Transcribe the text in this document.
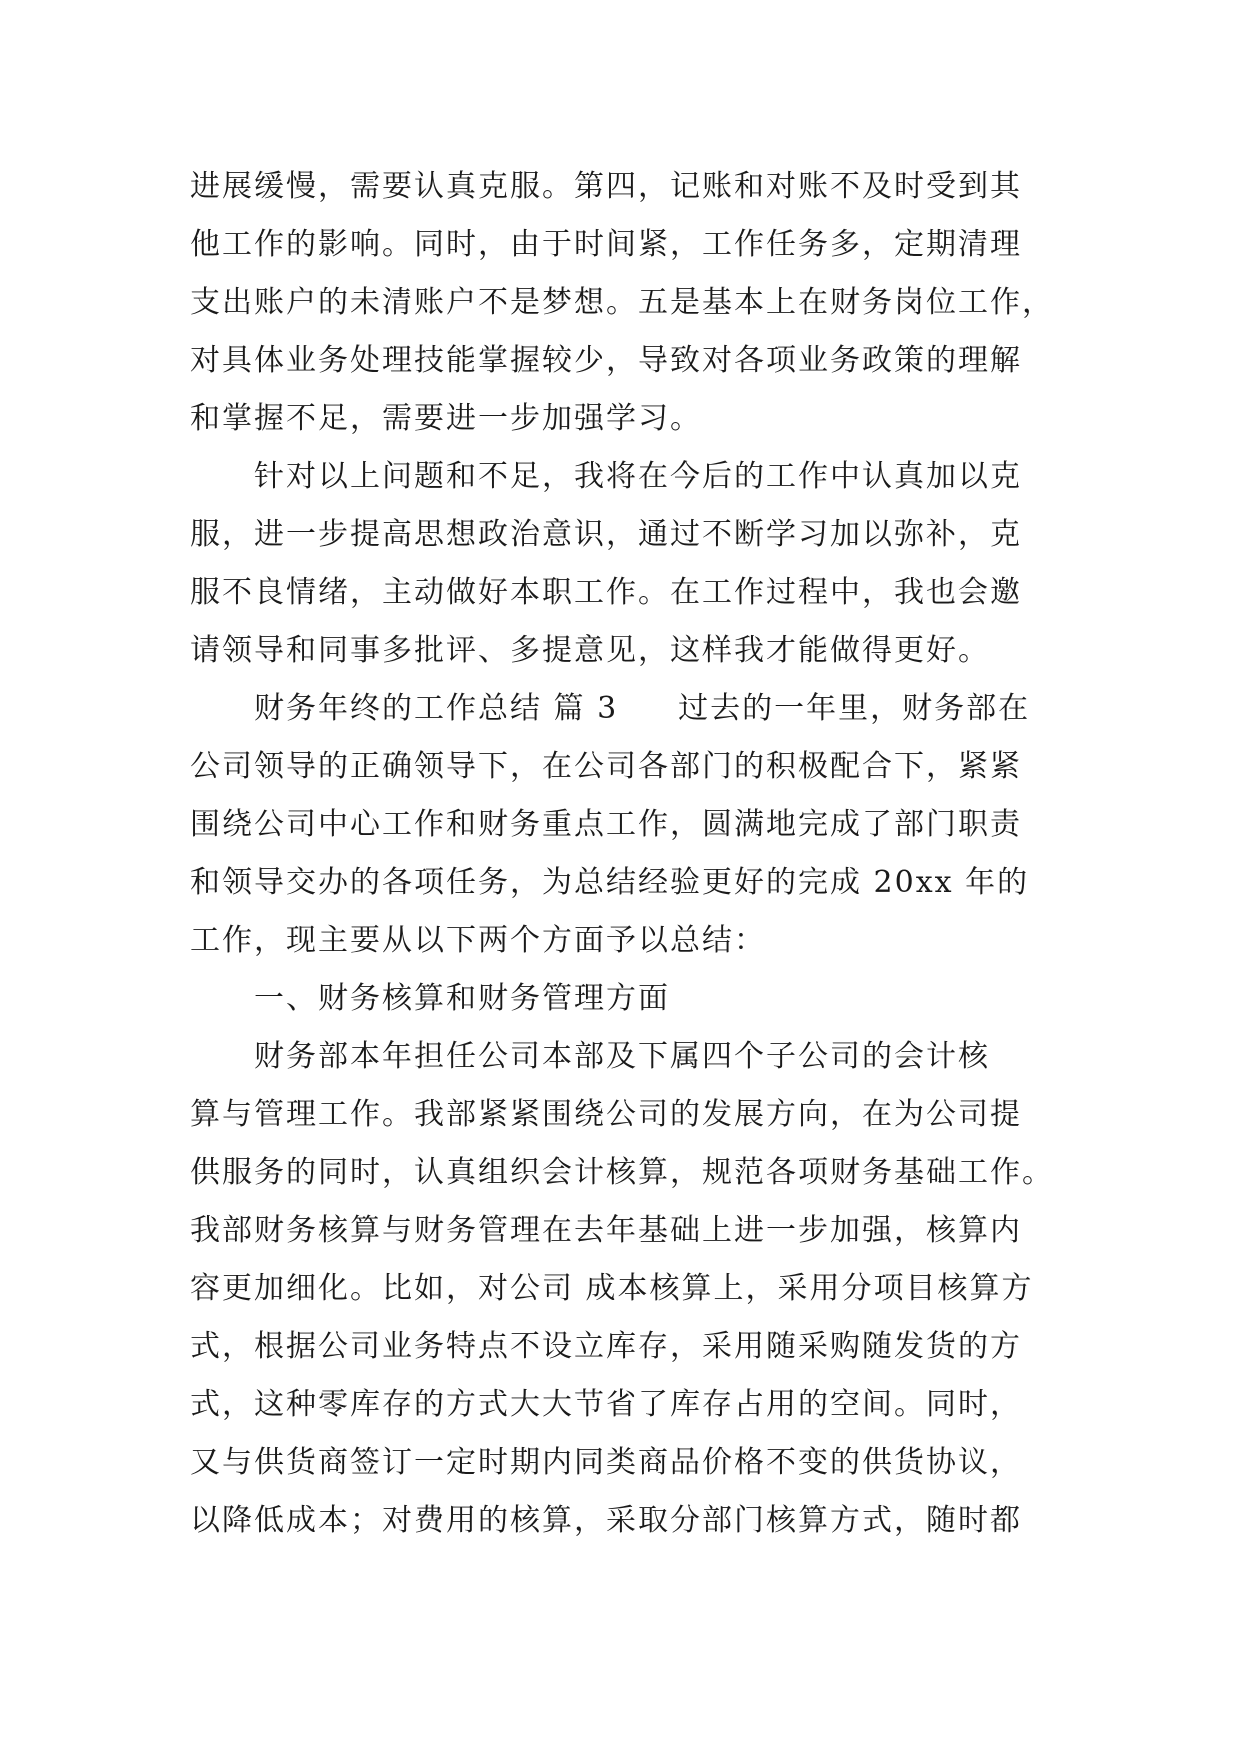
进展缓慢，需要认真克服。第四，记账和对账不及时受到其
他工作的影响。同时，由于时间紧，工作任务多，定期清理
支出账户的未清账户不是梦想。五是基本上在财务岗位工作，
对具体业务处理技能掌握较少，导致对各项业务政策的理解
和掌握不足，需要进一步加强学习。
针对以上问题和不足，我将在今后的工作中认真加以克
服，进一步提高思想政治意识，通过不断学习加以弥补，克
服不良情绪，主动做好本职工作。在工作过程中，我也会邀
请领导和同事多批评、多提意见，这样我才能做得更好。
财务年终的工作总结 篇 3 过去的一年里，财务部在
公司领导的正确领导下，在公司各部门的积极配合下，紧紧
围绕公司中心工作和财务重点工作，圆满地完成了部门职责
和领导交办的各项任务，为总结经验更好的完成 20xx 年的
工作，现主要从以下两个方面予以总结：
一、财务核算和财务管理方面
财务部本年担任公司本部及下属四个子公司的会计核
算与管理工作。我部紧紧围绕公司的发展方向，在为公司提
供服务的同时，认真组织会计核算，规范各项财务基础工作。
我部财务核算与财务管理在去年基础上进一步加强，核算内
容更加细化。比如，对公司 成本核算上，采用分项目核算方
式，根据公司业务特点不设立库存，采用随采购随发货的方
式，这种零库存的方式大大节省了库存占用的空间。同时，
又与供货商签订一定时期内同类商品价格不变的供货协议，
以降低成本；对费用的核算，采取分部门核算方式，随时都
